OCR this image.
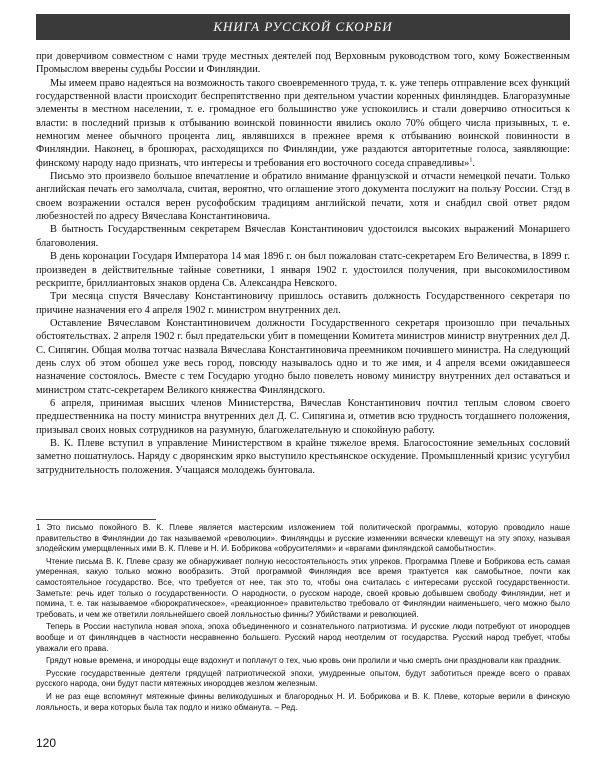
КНИГА РУССКОЙ СКОРБИ

при доверчивом совместном с нами труде местных деятелей под Верховным руководством того, кому Божественным Промыслом вверены судьбы России и Финляндии.

Мы имеем право надеяться на возможность такого своевременного труда, т. к. уже теперь отправление всех функций государственной власти происходит беспрепятственно при деятельном участии коренных финляндцев. Благоразумные элементы в местном населении, т. е. громадное его большинство уже успокоились и стали доверчиво относиться к власти: в последний призыв к отбыванию воинской повинности явились около 70% общего числа призывных, т. е. немногим менее обычного процента лиц, являвшихся в прежнее время к отбыванию воинской повинности в Финляндии. Наконец, в брошюрах, расходящихся по Финляндии, уже раздаются авторитетные голоса, заявляющие: финскому народу надо признать, что интересы и требования его восточного соседа справедливы»$^1$.

Письмо это произвело большое впечатление и обратило внимание французской и отчасти немецкой печати. Только английская печать его замолчала, считая, вероятно, что оглашение этого документа послужит на пользу России. Стэд в своем возражении остался верен русофобским традициям английской печати, хотя и снабдил свой ответ рядом любезностей по адресу Вячеслава Константиновича.

В бытность Государственным секретарем Вячеслав Константинович удостоился высоких выражений Монаршего благоволения.

В день коронации Государя Императора 14 мая 1896 г. он был пожалован статс-секретарем Его Величества, в 1899 г. произведен в действительные тайные советники, 1 января 1902 г. удостоился получения, при высокомилостивом рескрипте, бриллиантовых знаков ордена Св. Александра Невского.

Три месяца спустя Вячеславу Константиновичу пришлось оставить должность Государственного секретаря по причине назначения его 4 апреля 1902 г. министром внутренних дел.

Оставление Вячеславом Константиновичем должности Государственного секретаря произошло при печальных обстоятельствах. 2 апреля 1902 г. был предательски убит в помещении Комитета министров министр внутренних дел Д. С. Сипягин. Общая молва тотчас назвала Вячеслава Константиновича преемником почившего министра. На следующий день слух об этом обошел уже весь город, повсюду называлось одно и то же имя, и 4 апреля всеми ожидавшееся назначение состоялось. Вместе с тем Государю угодно было повелеть новому министру внутренних дел оставаться и министром статс-секретарем Великого княжества Финляндского.

6 апреля, принимая высших членов Министерства, Вячеслав Константинович почтил теплым словом своего предшественника на посту министра внутренних дел Д. С. Сипягина и, отметив всю трудность тогдашнего положения, призывал своих новых сотрудников на разумную, благожелательную и спокойную работу.

В. К. Плеве вступил в управление Министерством в крайне тяжелое время. Благосостояние земельных сословий заметно пошатнулось. Наряду с дворянским яркo выступило крестьянское оскудение. Промышленный кризис усугубил затруднительность положения. Учащаяся молодежь бунтовала.

1 Это письмо покойного В. К. Плеве является мастерским изложением той политической программы, которую проводило наше правительство в Финляндии до так называемой «революции». Финляндцы и русские изменники всячески клевещут на эту эпоху, называя злодейским умерщвленных ими В. К. Плеве и Н. И. Бобрикова «обрусителями» и «врагами финляндской самобытности».

Чтение письма В. К. Плеве сразу же обнаруживает полную несостоятельность этих упреков. Программа Плеве и Бобрикова есть самая умеренная, какую только можно вообразить. Этой программой Финляндия все время трактуется как самобытное, почти как самостоятельное государство. Все, что требуется от нее, так это то, чтобы она считалась с интересами русской государственности. Заметьте: речь идет только о государственности. О народности, о русском народе, своей кровью добывшем свободу Финляндии, нет и помина, т. е. так называемое «бюрократическое», «реакционное» правительство требовало от Финляндии наименьшего, чего можно было требовать, и чем же ответили лояльнейшего своей лояльностью финны? Убийствами и революцией.

Теперь в России наступила новая эпоха, эпоха объединенного и сознательного патриотизма. И русские люди потребуют от инородцев вообще и от финляндцев в частности несравненно большего. Русский народ неотделим от государства. Русский народ требует, чтобы уважали его права.

Грядут новые времена, и инородцы еще вздохнут и поплачут о тех, чью кровь они пролили и чью смерть они праздновали как праздник.

Русские государственные деятели грядущей патриотической эпохи, умудренные опытом, будут заботиться прежде всего о правах русского народа, они будут пасти мятежных инородцев жезлом железным.

И не раз еще вспомянут мятежные финны великодушных и благородных Н. И. Бобрикова и В. К. Плеве, которые верили в финскую лояльность, и вера которых была так подло и низко обманута. – Ред.

120
